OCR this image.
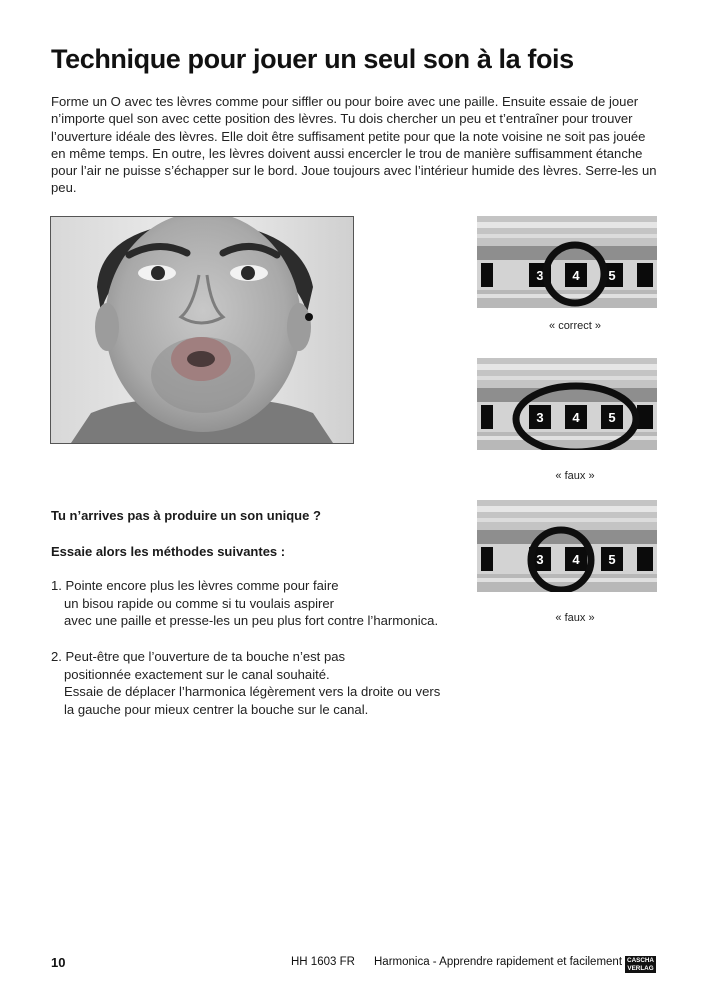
Technique pour jouer un seul son à la fois

Forme un O avec tes lèvres comme pour siffler ou pour boire avec une paille. Ensuite essaie de jouer n’importe quel son avec cette position des lèvres. Tu dois chercher un peu et t’entraîner pour trouver l’ouverture idéale des lèvres. Elle doit être suffisament petite pour que la note voisine ne soit pas jouée en même temps. En outre, les lèvres doivent aussi encercler le trou de manière suffisamment étanche pour l’air ne puisse s’échapper sur le bord. Joue toujours avec l’intérieur humide des lèvres. Serre-les un peu.

3 4 5
« correct »
3 4 5
« faux »
3 4 5
« faux »

Tu n’arrives pas à produire un son unique ?

Essaie alors les méthodes suivantes :

1. Pointe encore plus les lèvres comme pour faire
un bisou rapide ou comme si tu voulais aspirer
avec une paille et presse-les un peu plus fort contre l’harmonica.
2. Peut-être que l’ouverture de ta bouche n’est pas
positionnée exactement sur le canal souhaité.
Essaie de déplacer l’harmonica légèrement vers la droite ou vers
la gauche pour mieux centrer la bouche sur le canal.
10	HH 1603 FR Harmonica - Apprendre rapidement et facilement CASCHA
VERLAG
